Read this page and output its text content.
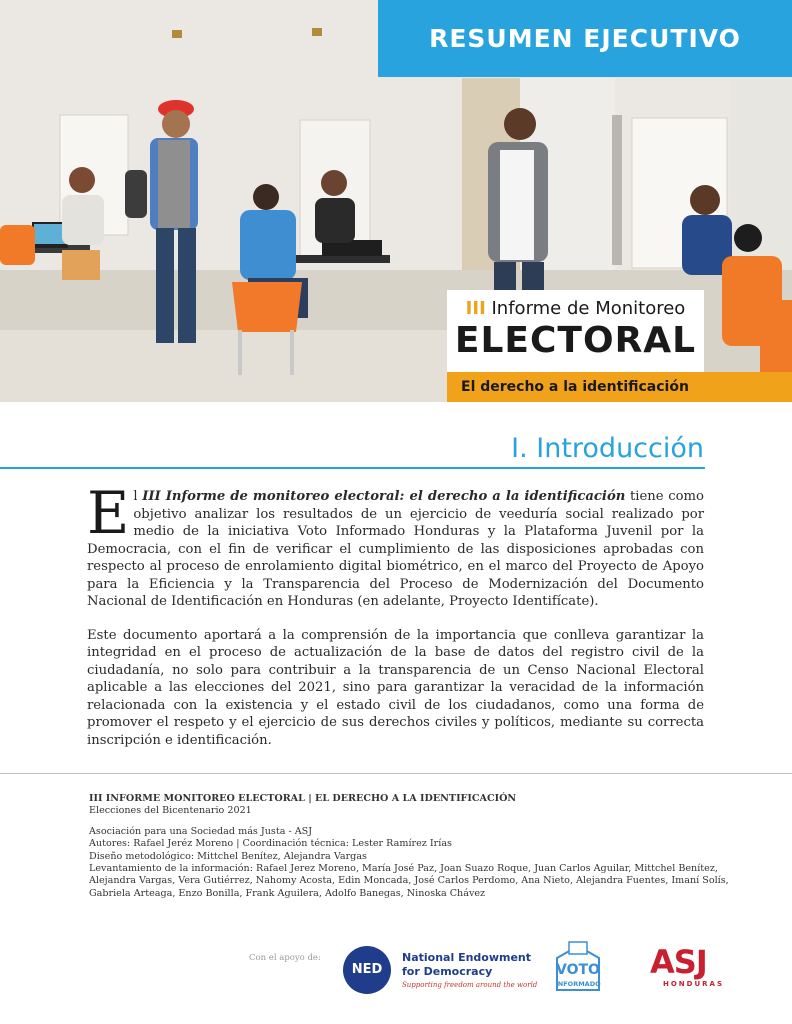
RESUMEN EJECUTIVO
III Informe de Monitoreo
ELECTORAL
El derecho a la identificación
I. Introducción

El III Informe de monitoreo electoral: el derecho a la identificación tiene como objetivo analizar los resultados de un ejercicio de veeduría social realizado por medio de la iniciativa Voto Informado Honduras y la Plataforma Juvenil por la Democracia, con el fin de verificar el cumplimiento de las disposiciones aprobadas con respecto al proceso de enrolamiento digital biométrico, en el marco del Proyecto de Apoyo para la Eficiencia y la Transparencia del Proceso de Modernización del Documento Nacional de Identificación en Honduras (en adelante, Proyecto Identifícate).

Este documento aportará a la comprensión de la importancia que conlleva garantizar la integridad en el proceso de actualización de la base de datos del registro civil de la ciudadanía, no solo para contribuir a la transparencia de un Censo Nacional Electoral aplicable a las elecciones del 2021, sino para garantizar la veracidad de la información relacionada con la existencia y el estado civil de los ciudadanos, como una forma de promover el respeto y el ejercicio de sus derechos civiles y políticos, mediante su correcta inscripción e identificación.

III INFORME MONITOREO ELECTORAL | EL DERECHO A LA IDENTIFICACIÓN
Elecciones del Bicentenario 2021
Asociación para una Sociedad más Justa - ASJ
Autores: Rafael Jeréz Moreno | Coordinación técnica: Lester Ramírez Irías
Diseño metodológico: Mittchel Benítez, Alejandra Vargas
Levantamiento de la información: Rafael Jerez Moreno, María José Paz, Joan Suazo Roque, Juan Carlos Aguilar, Mittchel Benítez,
Alejandra Vargas, Vera Gutiérrez, Nahomy Acosta, Edin Moncada, José Carlos Perdomo, Ana Nieto, Alejandra Fuentes, Imaní Solís,
Gabriela Arteaga, Enzo Bonilla, Frank Aguilera, Adolfo Banegas, Ninoska Chávez
Con el apoyo de:
NED
National Endowment
for Democracy
Supporting freedom around the world
VOTO
INFORMADO
ASJ
HONDURAS
